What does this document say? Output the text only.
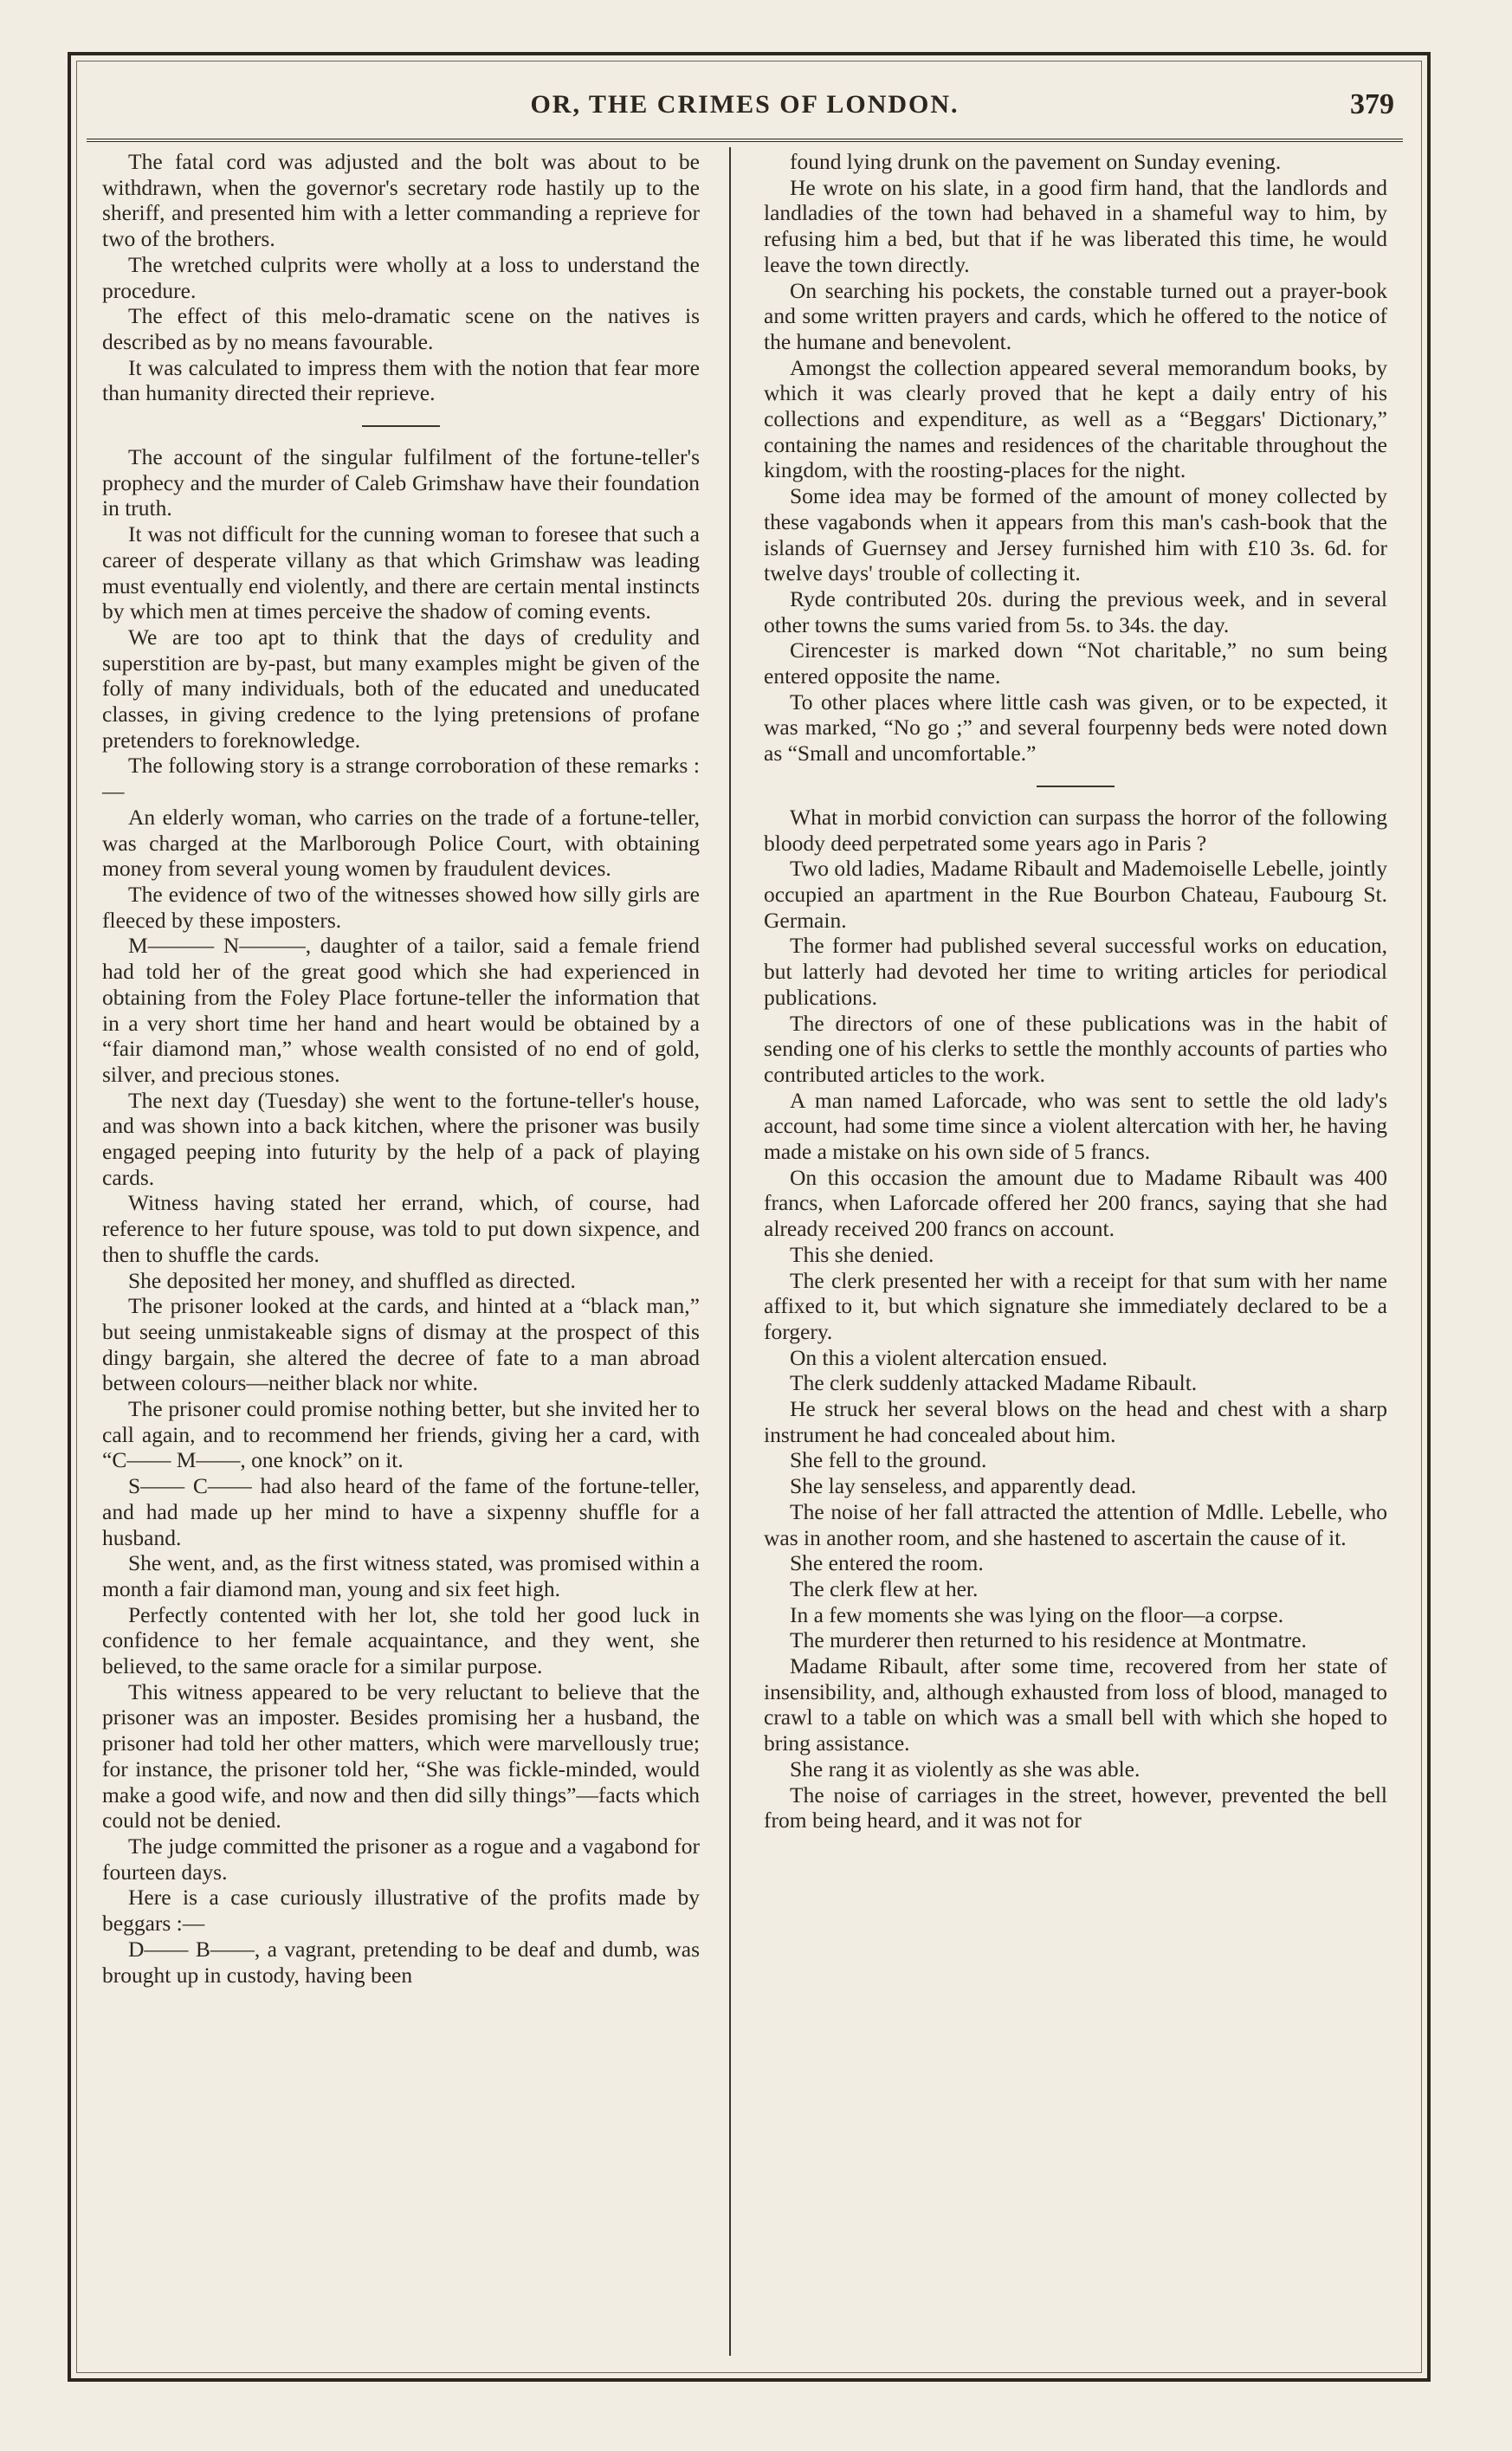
OR, THE CRIMES OF LONDON.	379

The fatal cord was adjusted and the bolt was about to be withdrawn, when the governor's secretary rode hastily up to the sheriff, and presented him with a letter commanding a reprieve for two of the brothers.

The wretched culprits were wholly at a loss to understand the procedure.

The effect of this melo-dramatic scene on the natives is described as by no means favourable.

It was calculated to impress them with the notion that fear more than humanity directed their reprieve.

The account of the singular fulfilment of the fortune-teller's prophecy and the murder of Caleb Grimshaw have their foundation in truth.

It was not difficult for the cunning woman to foresee that such a career of desperate villany as that which Grimshaw was leading must eventually end violently, and there are certain mental instincts by which men at times perceive the shadow of coming events.

We are too apt to think that the days of credulity and superstition are by-past, but many examples might be given of the folly of many individuals, both of the educated and uneducated classes, in giving credence to the lying pretensions of profane pretenders to foreknowledge.

The following story is a strange corroboration of these remarks :—

An elderly woman, who carries on the trade of a fortune-teller, was charged at the Marlborough Police Court, with obtaining money from several young women by fraudulent devices.

The evidence of two of the witnesses showed how silly girls are fleeced by these imposters.

M——— N———, daughter of a tailor, said a female friend had told her of the great good which she had experienced in obtaining from the Foley Place fortune-teller the information that in a very short time her hand and heart would be obtained by a “fair diamond man,” whose wealth consisted of no end of gold, silver, and precious stones.

The next day (Tuesday) she went to the fortune-teller's house, and was shown into a back kitchen, where the prisoner was busily engaged peeping into futurity by the help of a pack of playing cards.

Witness having stated her errand, which, of course, had reference to her future spouse, was told to put down sixpence, and then to shuffle the cards.

She deposited her money, and shuffled as directed.

The prisoner looked at the cards, and hinted at a “black man,” but seeing unmistakeable signs of dismay at the prospect of this dingy bargain, she altered the decree of fate to a man abroad between colours—neither black nor white.

The prisoner could promise nothing better, but she invited her to call again, and to recommend her friends, giving her a card, with “C—— M——, one knock” on it.

S—— C—— had also heard of the fame of the fortune-teller, and had made up her mind to have a sixpenny shuffle for a husband.

She went, and, as the first witness stated, was promised within a month a fair diamond man, young and six feet high.

Perfectly contented with her lot, she told her good luck in confidence to her female acquaintance, and they went, she believed, to the same oracle for a similar purpose.

This witness appeared to be very reluctant to believe that the prisoner was an imposter. Besides promising her a husband, the prisoner had told her other matters, which were marvellously true; for instance, the prisoner told her, “She was fickle-minded, would make a good wife, and now and then did silly things”—facts which could not be denied.

The judge committed the prisoner as a rogue and a vagabond for fourteen days.

Here is a case curiously illustrative of the profits made by beggars :—

D—— B——, a vagrant, pretending to be deaf and dumb, was brought up in custody, having been

found lying drunk on the pavement on Sunday evening.

He wrote on his slate, in a good firm hand, that the landlords and landladies of the town had behaved in a shameful way to him, by refusing him a bed, but that if he was liberated this time, he would leave the town directly.

On searching his pockets, the constable turned out a prayer-book and some written prayers and cards, which he offered to the notice of the humane and benevolent.

Amongst the collection appeared several memorandum books, by which it was clearly proved that he kept a daily entry of his collections and expenditure, as well as a “Beggars' Dictionary,” containing the names and residences of the charitable throughout the kingdom, with the roosting-places for the night.

Some idea may be formed of the amount of money collected by these vagabonds when it appears from this man's cash-book that the islands of Guernsey and Jersey furnished him with £10 3s. 6d. for twelve days' trouble of collecting it.

Ryde contributed 20s. during the previous week, and in several other towns the sums varied from 5s. to 34s. the day.

Cirencester is marked down “Not charitable,” no sum being entered opposite the name.

To other places where little cash was given, or to be expected, it was marked, “No go ;” and several fourpenny beds were noted down as “Small and uncomfortable.”

What in morbid conviction can surpass the horror of the following bloody deed perpetrated some years ago in Paris ?

Two old ladies, Madame Ribault and Mademoiselle Lebelle, jointly occupied an apartment in the Rue Bourbon Chateau, Faubourg St. Germain.

The former had published several successful works on education, but latterly had devoted her time to writing articles for periodical publications.

The directors of one of these publications was in the habit of sending one of his clerks to settle the monthly accounts of parties who contributed articles to the work.

A man named Laforcade, who was sent to settle the old lady's account, had some time since a violent altercation with her, he having made a mistake on his own side of 5 francs.

On this occasion the amount due to Madame Ribault was 400 francs, when Laforcade offered her 200 francs, saying that she had already received 200 francs on account.

This she denied.

The clerk presented her with a receipt for that sum with her name affixed to it, but which signature she immediately declared to be a forgery.

On this a violent altercation ensued.

The clerk suddenly attacked Madame Ribault.

He struck her several blows on the head and chest with a sharp instrument he had concealed about him.

She fell to the ground.

She lay senseless, and apparently dead.

The noise of her fall attracted the attention of Mdlle. Lebelle, who was in another room, and she hastened to ascertain the cause of it.

She entered the room.

The clerk flew at her.

In a few moments she was lying on the floor—a corpse.

The murderer then returned to his residence at Montmatre.

Madame Ribault, after some time, recovered from her state of insensibility, and, although exhausted from loss of blood, managed to crawl to a table on which was a small bell with which she hoped to bring assistance.

She rang it as violently as she was able.

The noise of carriages in the street, however, prevented the bell from being heard, and it was not for
